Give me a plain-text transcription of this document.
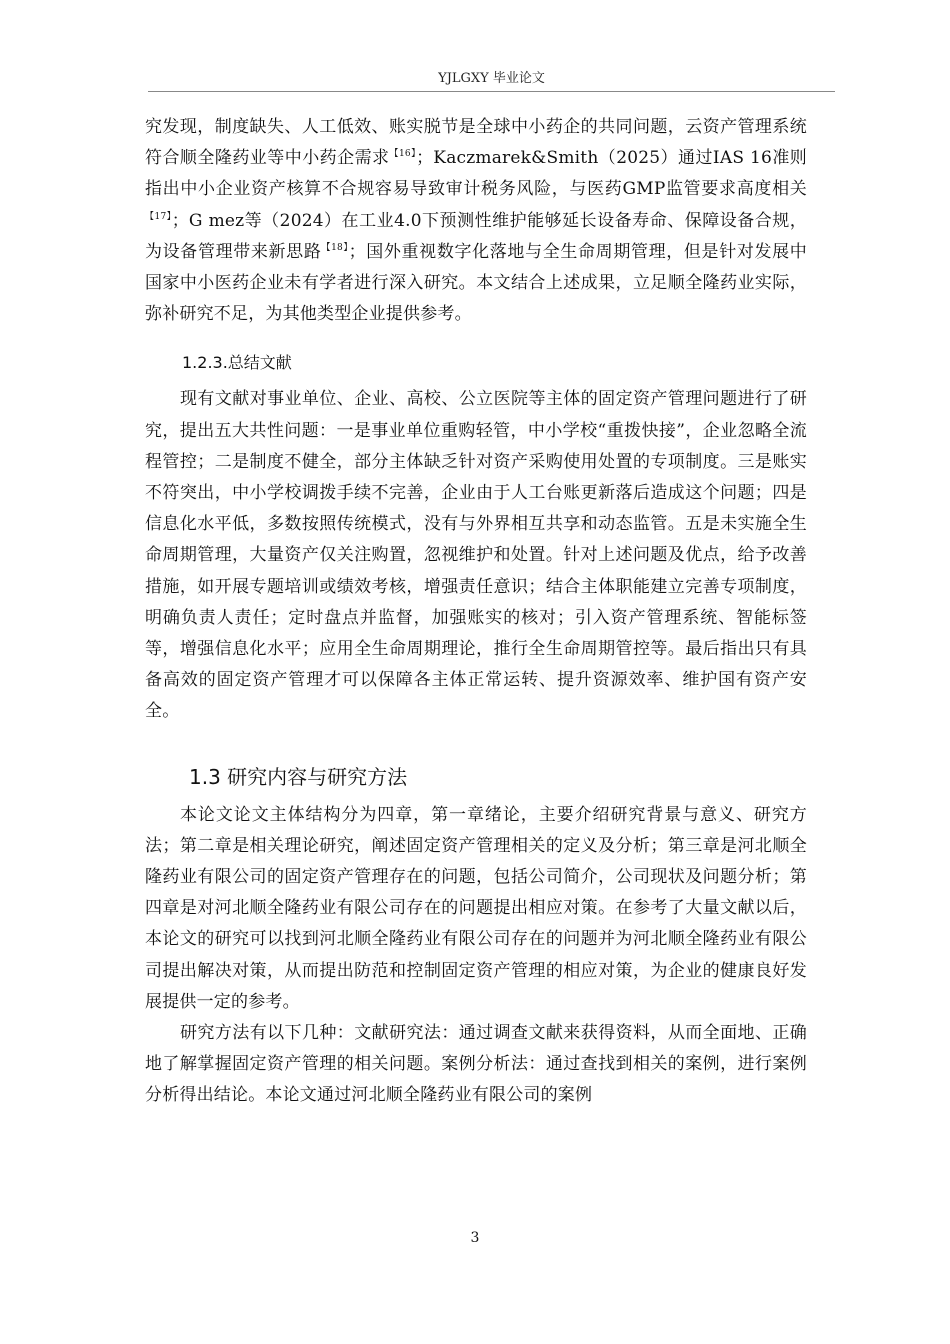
YJLGXY 毕业论文

究发现，制度缺失、人工低效、账实脱节是全球中小药企的共同问题，云资产管理系统符合顺全隆药业等中小药企需求$^{【16】}$；Kaczmarek&Smith（2025）通过IAS 16准则指出中小企业资产核算不合规容易导致审计税务风险，与医药GMP监管要求高度相关$^{【17】}$；G mez等（2024）在工业4.0下预测性维护能够延长设备寿命、保障设备合规，为设备管理带来新思路$^{【18】}$；国外重视数字化落地与全生命周期管理，但是针对发展中国家中小医药企业未有学者进行深入研究。本文结合上述成果，立足顺全隆药业实际，弥补研究不足，为其他类型企业提供参考。

1.2.3.总结文献

现有文献对事业单位、企业、高校、公立医院等主体的固定资产管理问题进行了研究，提出五大共性问题：一是事业单位重购轻管，中小学校“重拨快接”，企业忽略全流程管控；二是制度不健全，部分主体缺乏针对资产采购使用处置的专项制度。三是账实不符突出，中小学校调拨手续不完善，企业由于人工台账更新落后造成这个问题；四是信息化水平低，多数按照传统模式，没有与外界相互共享和动态监管。五是未实施全生命周期管理，大量资产仅关注购置，忽视维护和处置。针对上述问题及优点，给予改善措施，如开展专题培训或绩效考核，增强责任意识；结合主体职能建立完善专项制度，明确负责人责任；定时盘点并监督，加强账实的核对；引入资产管理系统、智能标签等，增强信息化水平；应用全生命周期理论，推行全生命周期管控等。最后指出只有具备高效的固定资产管理才可以保障各主体正常运转、提升资源效率、维护国有资产安全。

1.3 研究内容与研究方法

本论文论文主体结构分为四章，第一章绪论，主要介绍研究背景与意义、研究方法；第二章是相关理论研究，阐述固定资产管理相关的定义及分析；第三章是河北顺全隆药业有限公司的固定资产管理存在的问题，包括公司简介，公司现状及问题分析；第四章是对河北顺全隆药业有限公司存在的问题提出相应对策。在参考了大量文献以后，本论文的研究可以找到河北顺全隆药业有限公司存在的问题并为河北顺全隆药业有限公司提出解决对策，从而提出防范和控制固定资产管理的相应对策，为企业的健康良好发展提供一定的参考。

研究方法有以下几种：文献研究法：通过调查文献来获得资料，从而全面地、正确地了解掌握固定资产管理的相关问题。案例分析法：通过查找到相关的案例，进行案例分析得出结论。本论文通过河北顺全隆药业有限公司的案例

3
